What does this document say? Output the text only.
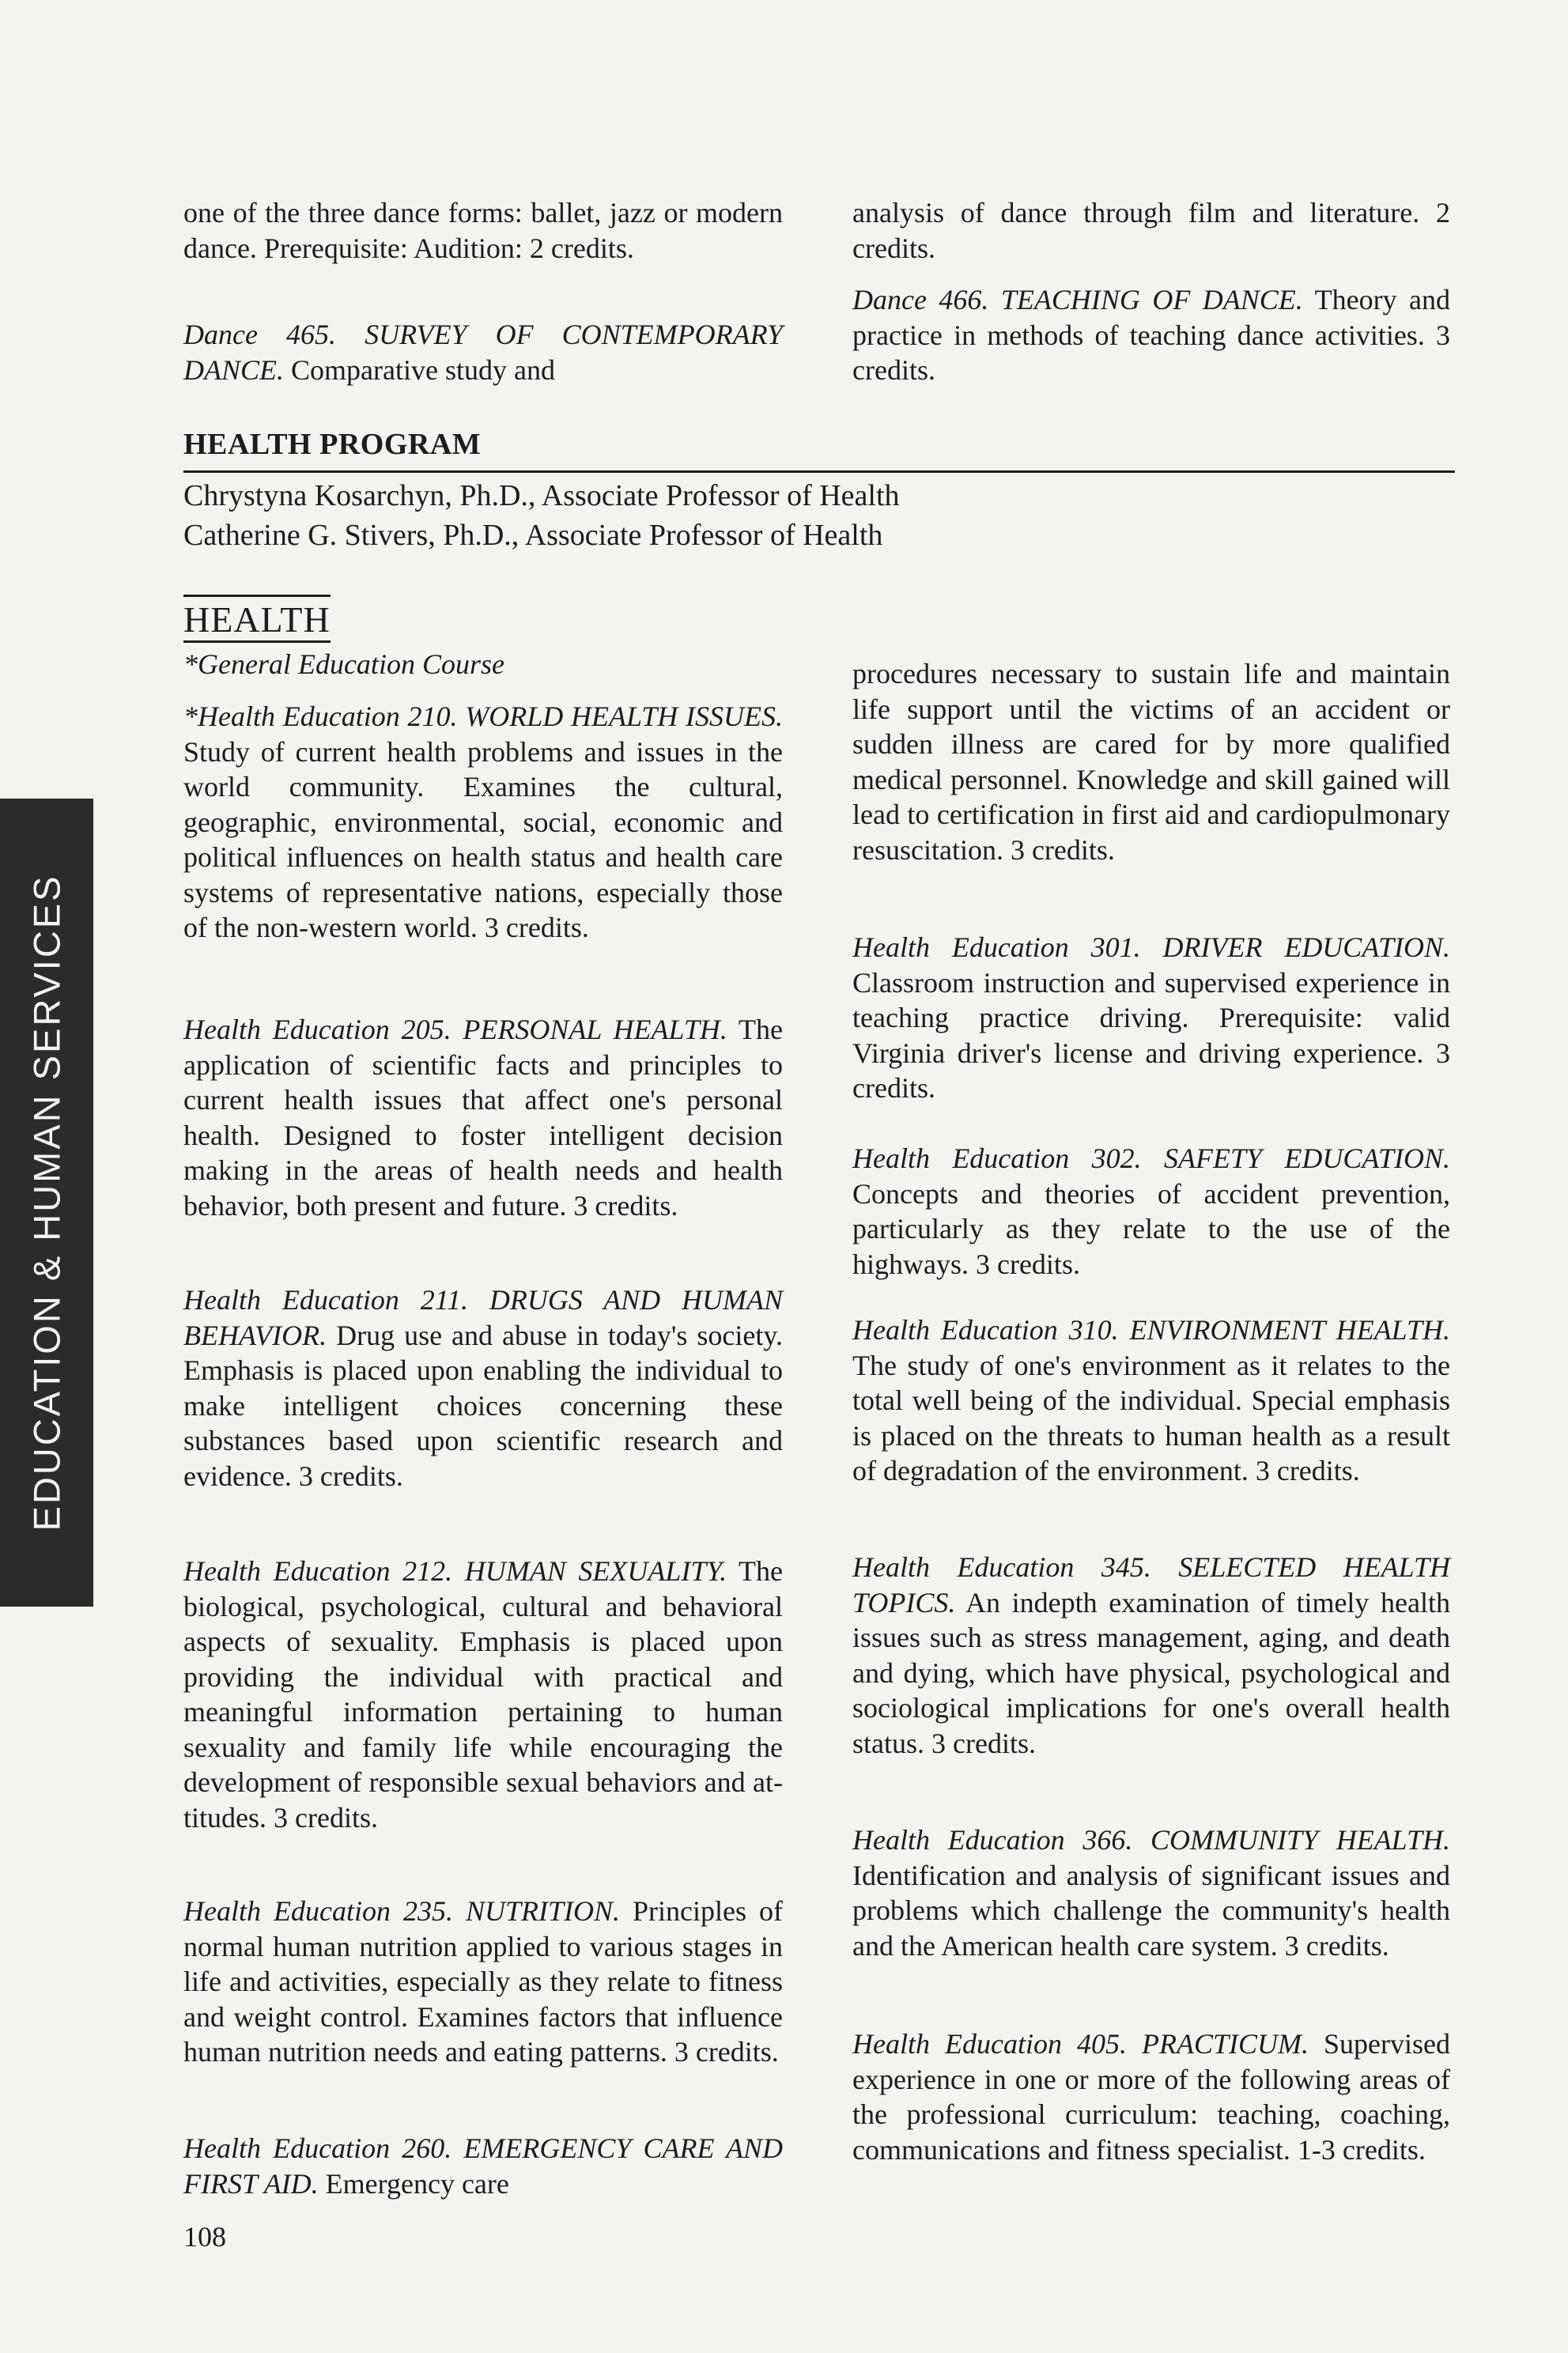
one of the three dance forms: ballet, jazz or modern dance. Prerequisite: Audition: 2 credits.
Dance 465. SURVEY OF CONTEMPORARY DANCE. Comparative study and
analysis of dance through film and literature. 2 credits.
Dance 466. TEACHING OF DANCE. Theory and practice in methods of teaching dance activities. 3 credits.
HEALTH PROGRAM
Chrystyna Kosarchyn, Ph.D., Associate Professor of Health
Catherine G. Stivers, Ph.D., Associate Professor of Health
HEALTH
*General Education Course
*Health Education 210. WORLD HEALTH ISSUES. Study of current health problems and issues in the world community. Examines the cultural, geographic, environmental, social, economic and political influences on health status and health care systems of representative nations, especially those of the non-western world. 3 credits.
Health Education 205. PERSONAL HEALTH. The application of scientific facts and principles to current health issues that affect one's personal health. Designed to foster intelligent decision making in the areas of health needs and health behavior, both present and future. 3 credits.
Health Education 211. DRUGS AND HUMAN BEHAVIOR. Drug use and abuse in today's society. Emphasis is placed upon enabling the individual to make intelligent choices concerning these substances based upon scientific research and evidence. 3 credits.
Health Education 212. HUMAN SEXUALITY. The biological, psychological, cultural and behavioral aspects of sexuality. Emphasis is placed upon providing the individual with practical and meaningful information pertaining to human sexuality and family life while encouraging the development of responsible sexual behaviors and attitudes. 3 credits.
Health Education 235. NUTRITION. Principles of normal human nutrition applied to various stages in life and activities, especially as they relate to fitness and weight control. Examines factors that influence human nutrition needs and eating patterns. 3 credits.
Health Education 260. EMERGENCY CARE AND FIRST AID. Emergency care
procedures necessary to sustain life and maintain life support until the victims of an accident or sudden illness are cared for by more qualified medical personnel. Knowledge and skill gained will lead to certification in first aid and cardiopulmonary resuscitation. 3 credits.
Health Education 301. DRIVER EDUCATION. Classroom instruction and supervised experience in teaching practice driving. Prerequisite: valid Virginia driver's license and driving experience. 3 credits.
Health Education 302. SAFETY EDUCATION. Concepts and theories of accident prevention, particularly as they relate to the use of the highways. 3 credits.
Health Education 310. ENVIRONMENT HEALTH. The study of one's environment as it relates to the total well being of the individual. Special emphasis is placed on the threats to human health as a result of degradation of the environment. 3 credits.
Health Education 345. SELECTED HEALTH TOPICS. An indepth examination of timely health issues such as stress management, aging, and death and dying, which have physical, psychological and sociological implications for one's overall health status. 3 credits.
Health Education 366. COMMUNITY HEALTH. Identification and analysis of significant issues and problems which challenge the community's health and the American health care system. 3 credits.
Health Education 405. PRACTICUM. Supervised experience in one or more of the following areas of the professional curriculum: teaching, coaching, communications and fitness specialist. 1-3 credits.
EDUCATION & HUMAN SERVICES
108
